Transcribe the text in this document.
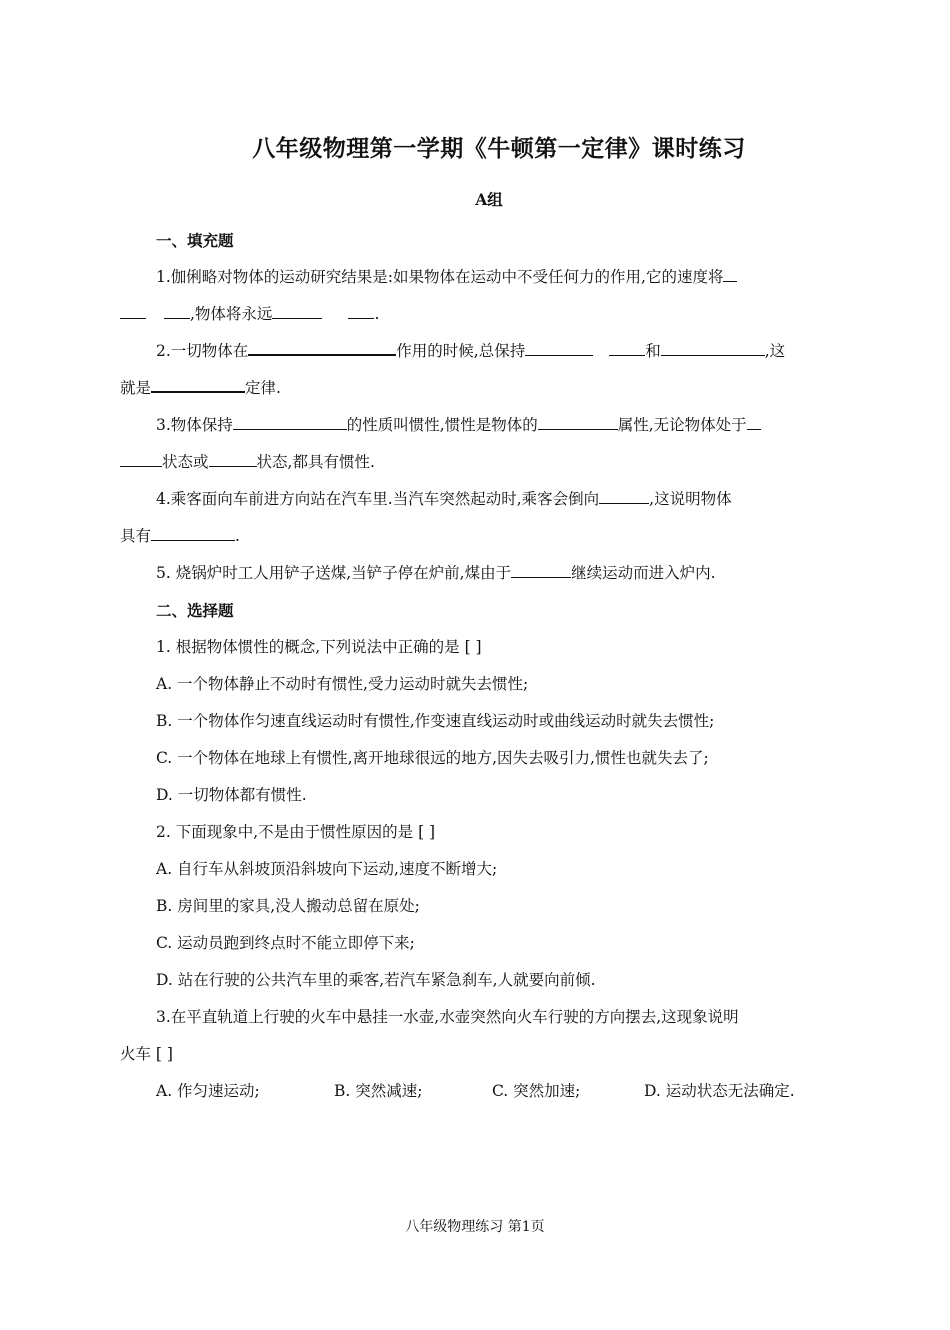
八年级物理第一学期《牛顿第一定律》课时练习
A组
一、填充题
1.伽俐略对物体的运动研究结果是:如果物体在运动中不受任何力的作用,它的速度将
,物体将永远	.
2.一切物体在	作用的时候,总保持	和	,这
就是	定律.
3.物体保持	的性质叫惯性,惯性是物体的	属性,无论物体处于
状态或	状态,都具有惯性.
4.乘客面向车前进方向站在汽车里.当汽车突然起动时,乘客会倒向	,这说明物体
具有	.
5. 烧锅炉时工人用铲子送煤,当铲子停在炉前,煤由于	继续运动而进入炉内.
二、选择题
1. 根据物体惯性的概念,下列说法中正确的是 [ ]
A. 一个物体静止不动时有惯性,受力运动时就失去惯性;
B. 一个物体作匀速直线运动时有惯性,作变速直线运动时或曲线运动时就失去惯性;
C. 一个物体在地球上有惯性,离开地球很远的地方,因失去吸引力,惯性也就失去了;
D. 一切物体都有惯性.
2. 下面现象中,不是由于惯性原因的是 [ ]
A. 自行车从斜坡顶沿斜坡向下运动,速度不断增大;
B. 房间里的家具,没人搬动总留在原处;
C. 运动员跑到终点时不能立即停下来;
D. 站在行驶的公共汽车里的乘客,若汽车紧急刹车,人就要向前倾.
3.在平直轨道上行驶的火车中悬挂一水壶,水壶突然向火车行驶的方向摆去,这现象说明
火车 [ ]
A. 作匀速运动;	B. 突然减速;	C. 突然加速;	D. 运动状态无法确定.
八年级物理练习 第1页
